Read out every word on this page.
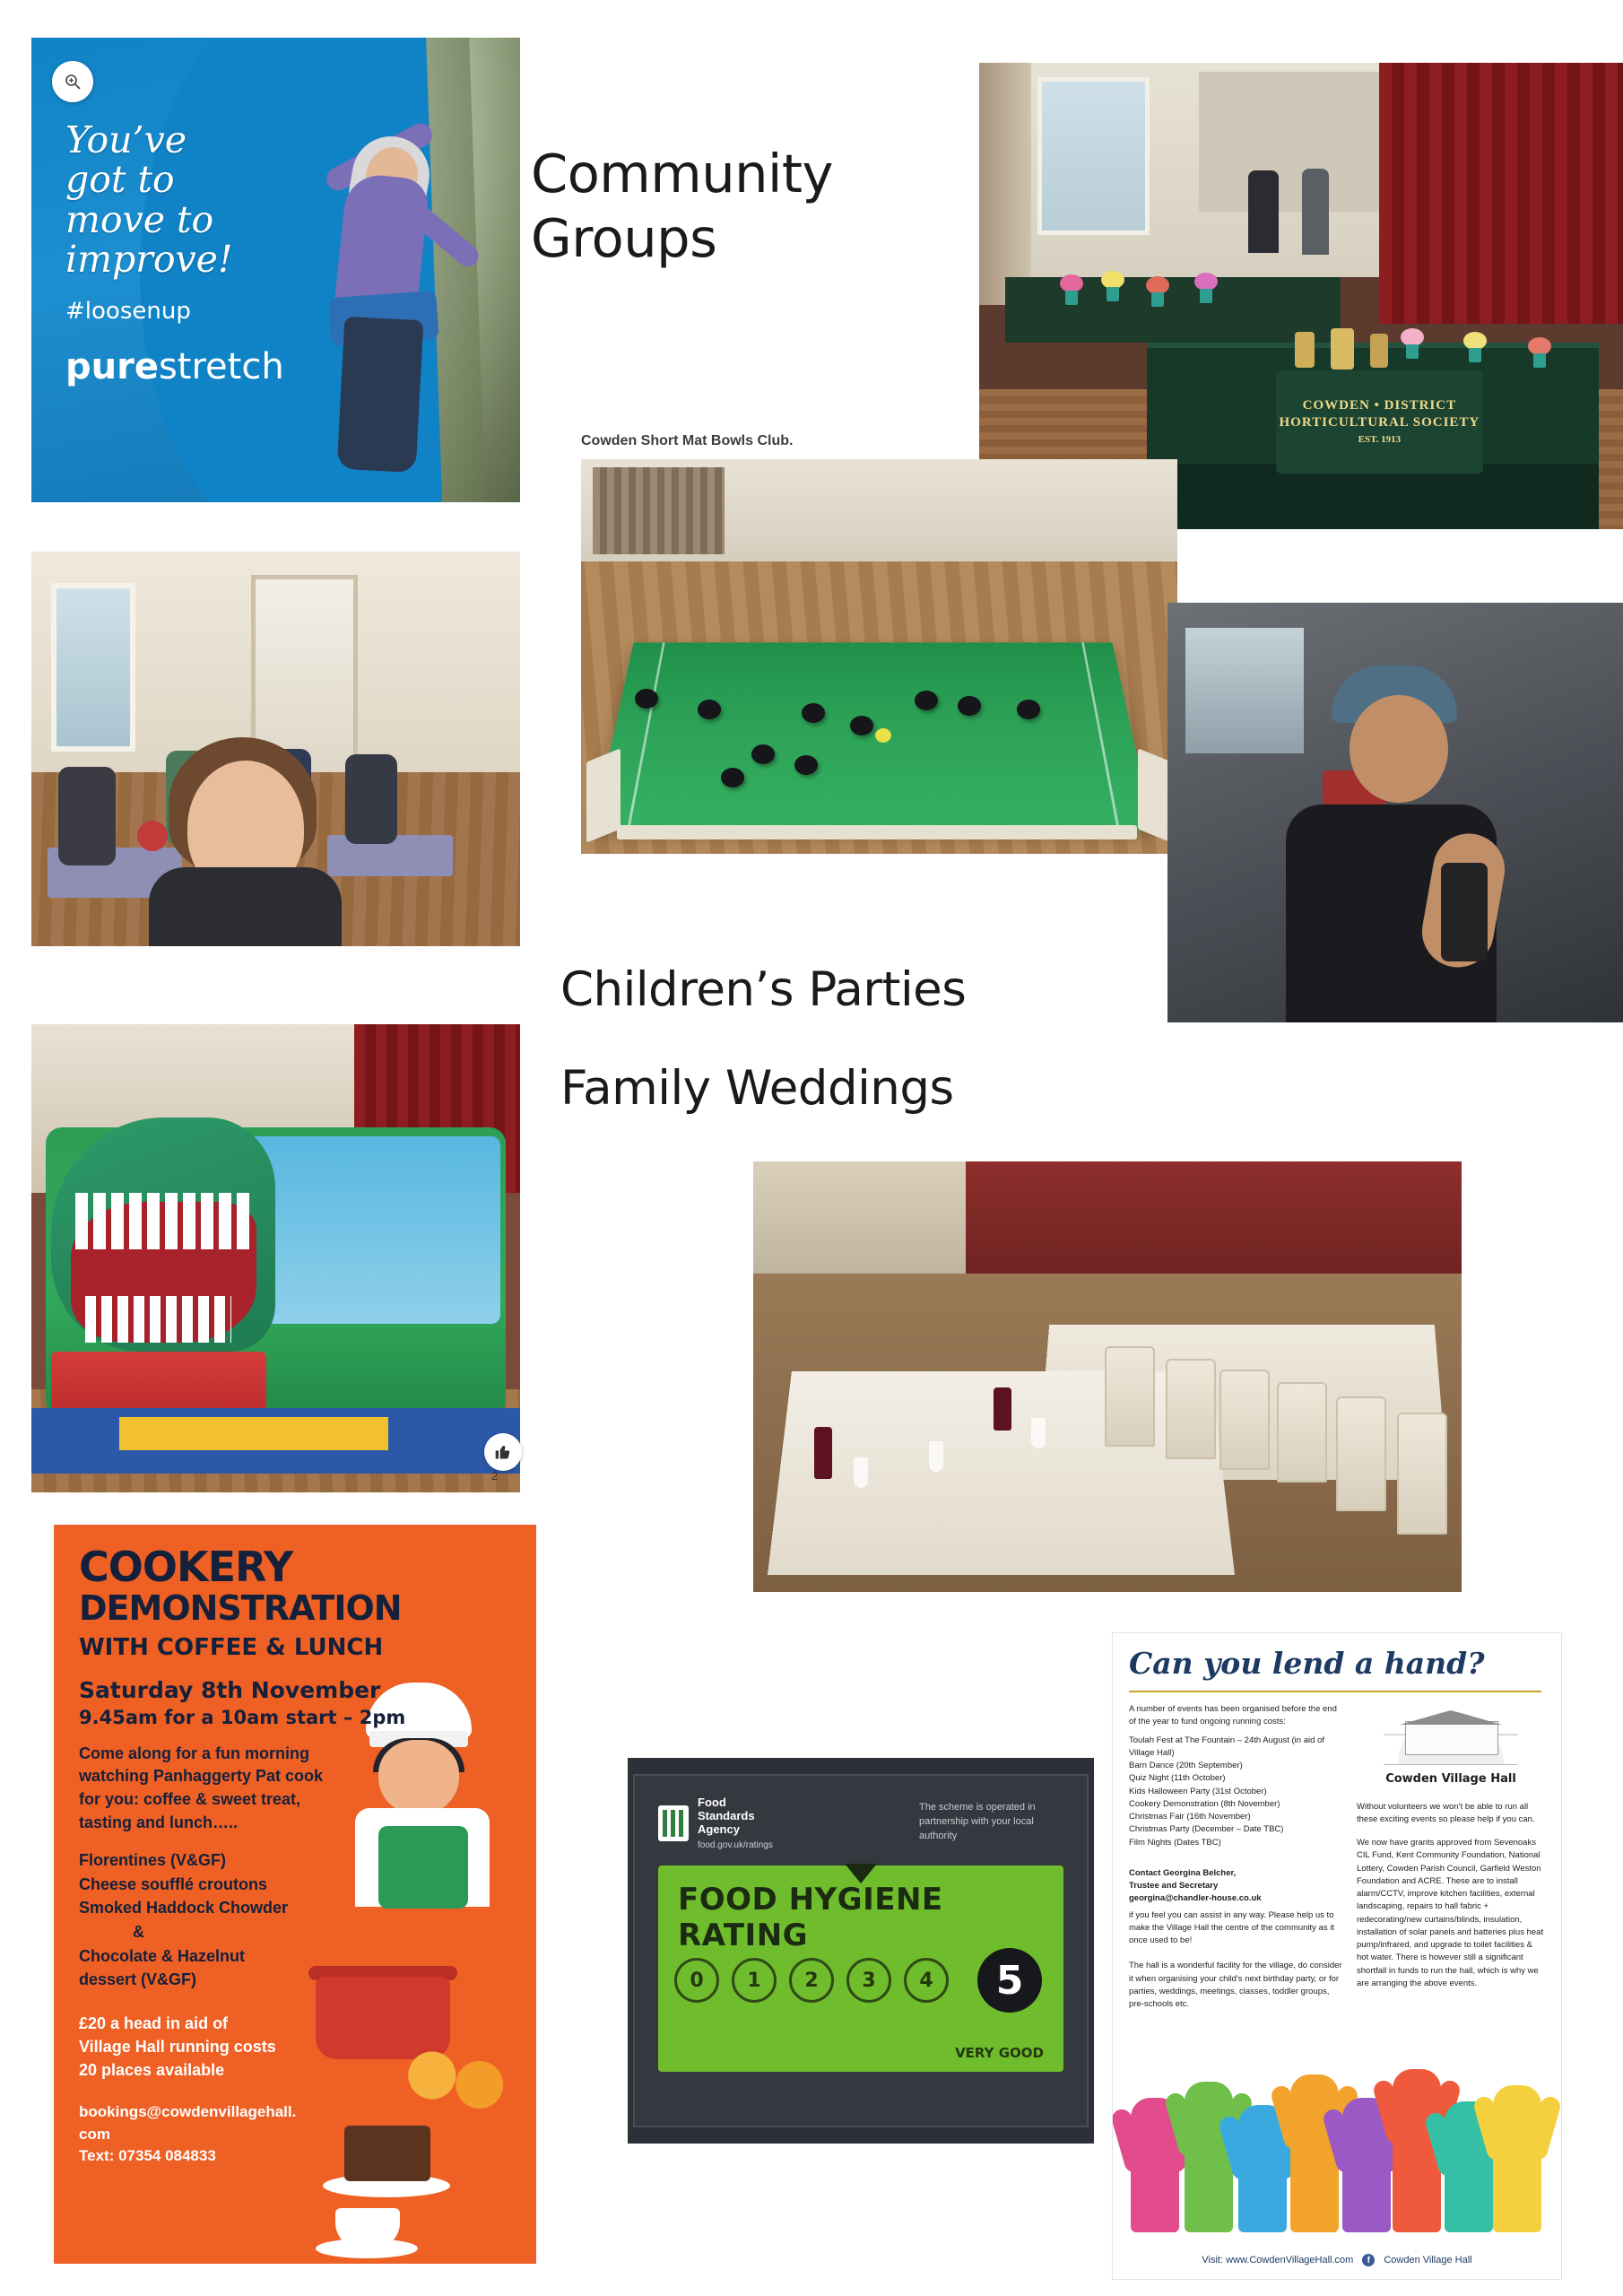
You’ve
got to
move to
improve!
#loosenup
purestretch
Community Groups
Cowden Short Mat Bowls Club.
Children’s Parties
Family Weddings
COWDEN • DISTRICT
HORTICULTURAL SOCIETY
EST. 1913
2
COOKERY
DEMONSTRATION
WITH COFFEE & LUNCH
Saturday 8th November
9.45am for a 10am start – 2pm
Come along for a fun morning watching Panhaggerty Pat cook for you: coffee & sweet treat, tasting and lunch…..
Florentines (V&GF)
Cheese soufflé croutons
Smoked Haddock Chowder
&
Chocolate & Hazelnut
dessert (V&GF)
£20 a head in aid of
Village Hall running costs
20 places available
bookings@cowdenvillagehall.
com
Text: 07354 084833
Food
Standards
Agency
food.gov.uk/ratings
The scheme is operated in partnership with your local authority
FOOD HYGIENE RATING
0	1	2	3	4	5
VERY GOOD
Can you lend a hand?
A number of events has been organised before the end of the year to fund ongoing running costs:
Toulah Fest at The Fountain – 24th August (in aid of Village Hall)
Barn Dance (20th September)
Quiz Night (11th October)
Kids Halloween Party (31st October)
Cookery Demonstration (8th November)
Christmas Fair (16th November)
Christmas Party (December – Date TBC)
Film Nights (Dates TBC)
Contact Georgina Belcher,
Trustee and Secretary
georgina@chandler-house.co.uk
if you feel you can assist in any way. Please help us to make the Village Hall the centre of the community as it once used to be!
The hall is a wonderful facility for the village, do consider it when organising your child’s next birthday party, or for parties, weddings, meetings, classes, toddler groups, pre-schools etc.
Cowden Village Hall
Without volunteers we won’t be able to run all these exciting events so please help if you can.
We now have grants approved from Sevenoaks CIL Fund, Kent Community Foundation, National Lottery, Cowden Parish Council, Garfield Weston Foundation and ACRE. These are to install alarm/CCTV, improve kitchen facilities, external landscaping, repairs to hall fabric + redecorating/new curtains/blinds, insulation, installation of solar panels and batteries plus heat pump/infrared, and upgrade to toilet facilities & hot water. There is however still a significant shortfall in funds to run the hall, which is why we are arranging the above events.
Visit: www.CowdenVillageHall.com	f	Cowden Village Hall
